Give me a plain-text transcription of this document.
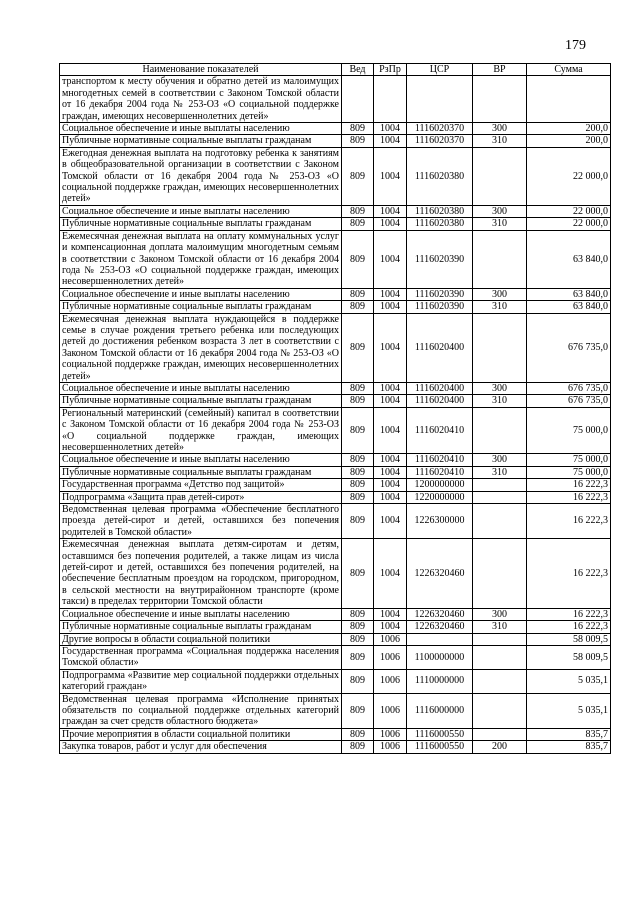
179
Наименование показателей	Вед	РзПр	ЦСР	ВР	Сумма
транспортом к месту обучения и обратно детей из малоимущих многодетных семей в соответствии с Законом Томской области от 16 декабря 2004 года № 253-ОЗ «О социальной поддержке граждан, имеющих несовершеннолетних детей»					
Социальное обеспечение и иные выплаты населению	809	1004	1116020370	300	200,0
Публичные нормативные социальные выплаты гражданам	809	1004	1116020370	310	200,0
Ежегодная денежная выплата на подготовку ребенка к занятиям в общеобразовательной организации в соответствии с Законом Томской области от 16 декабря 2004 года № 253-ОЗ «О социальной поддержке граждан, имеющих несовершеннолетних детей»	809	1004	1116020380		22 000,0
Социальное обеспечение и иные выплаты населению	809	1004	1116020380	300	22 000,0
Публичные нормативные социальные выплаты гражданам	809	1004	1116020380	310	22 000,0
Ежемесячная денежная выплата на оплату коммунальных услуг и компенсационная доплата малоимущим многодетным семьям в соответствии с Законом Томской области от 16 декабря 2004 года № 253-ОЗ «О социальной поддержке граждан, имеющих несовершеннолетних детей»	809	1004	1116020390		63 840,0
Социальное обеспечение и иные выплаты населению	809	1004	1116020390	300	63 840,0
Публичные нормативные социальные выплаты гражданам	809	1004	1116020390	310	63 840,0
Ежемесячная денежная выплата нуждающейся в поддержке семье в случае рождения третьего ребенка или последующих детей до достижения ребенком возраста 3 лет в соответствии с Законом Томской области от 16 декабря 2004 года № 253-ОЗ «О социальной поддержке граждан, имеющих несовершеннолетних детей»	809	1004	1116020400		676 735,0
Социальное обеспечение и иные выплаты населению	809	1004	1116020400	300	676 735,0
Публичные нормативные социальные выплаты гражданам	809	1004	1116020400	310	676 735,0
Региональный материнский (семейный) капитал в соответствии с Законом Томской области от 16 декабря 2004 года № 253-ОЗ «О социальной поддержке граждан, имеющих несовершеннолетних детей»	809	1004	1116020410		75 000,0
Социальное обеспечение и иные выплаты населению	809	1004	1116020410	300	75 000,0
Публичные нормативные социальные выплаты гражданам	809	1004	1116020410	310	75 000,0
Государственная программа «Детство под защитой»	809	1004	1200000000		16 222,3
Подпрограмма «Защита прав детей-сирот»	809	1004	1220000000		16 222,3
Ведомственная целевая программа «Обеспечение бесплатного проезда детей-сирот и детей, оставшихся без попечения родителей в Томской области»	809	1004	1226300000		16 222,3
Ежемесячная денежная выплата детям-сиротам и детям, оставшимся без попечения родителей, а также лицам из числа детей-сирот и детей, оставшихся без попечения родителей, на обеспечение бесплатным проездом на городском, пригородном, в сельской местности на внутрирайонном транспорте (кроме такси) в пределах территории Томской области	809	1004	1226320460		16 222,3
Социальное обеспечение и иные выплаты населению	809	1004	1226320460	300	16 222,3
Публичные нормативные социальные выплаты гражданам	809	1004	1226320460	310	16 222,3
Другие вопросы в области социальной политики	809	1006			58 009,5
Государственная программа «Социальная поддержка населения Томской области»	809	1006	1100000000		58 009,5
Подпрограмма «Развитие мер социальной поддержки отдельных категорий граждан»	809	1006	1110000000		5 035,1
Ведомственная целевая программа «Исполнение принятых обязательств по социальной поддержке отдельных категорий граждан за счет средств областного бюджета»	809	1006	1116000000		5 035,1
Прочие мероприятия в области социальной политики	809	1006	1116000550		835,7
Закупка товаров, работ и услуг для обеспечения	809	1006	1116000550	200	835,7
